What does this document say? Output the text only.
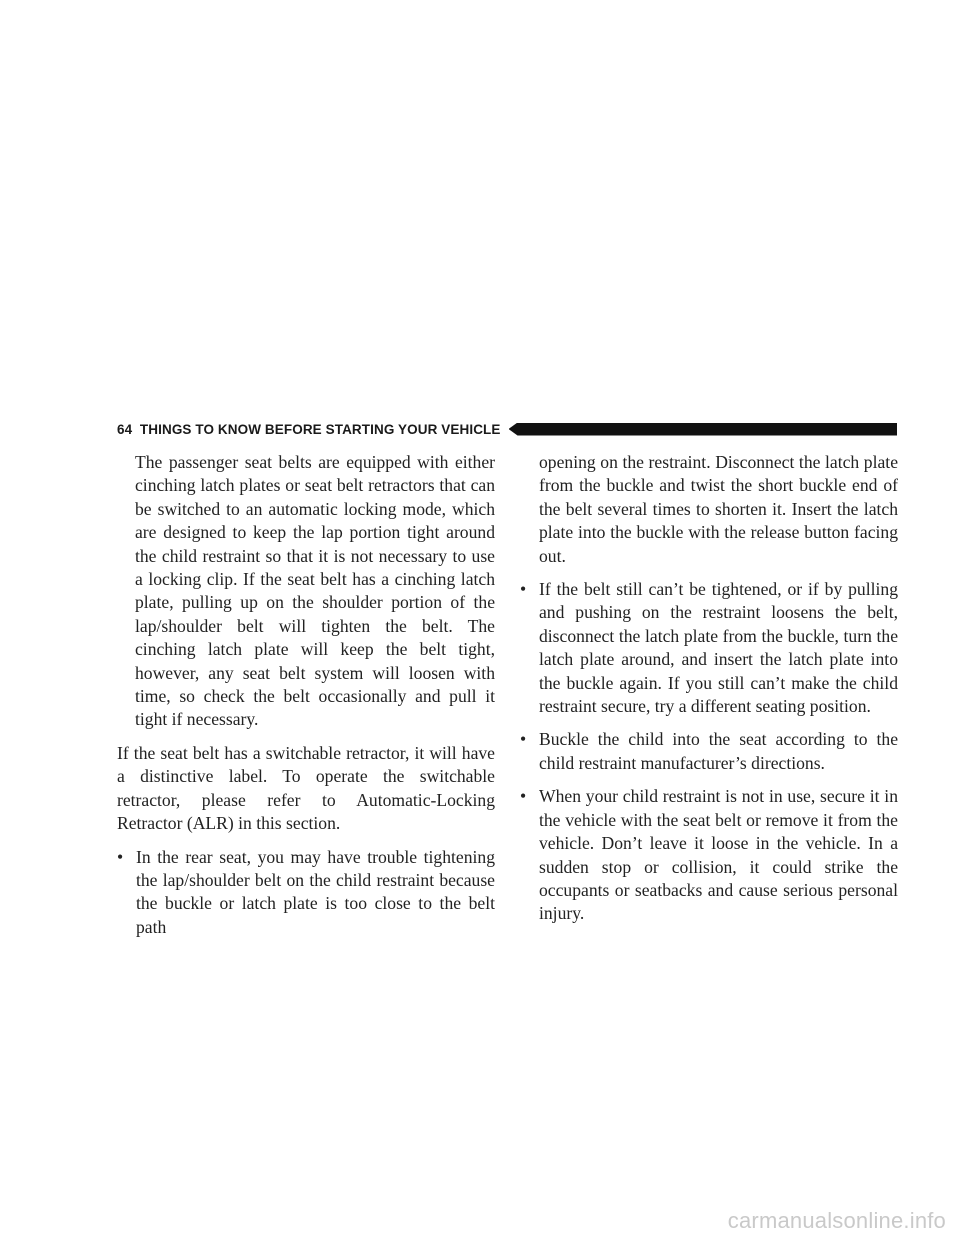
64 THINGS TO KNOW BEFORE STARTING YOUR VEHICLE

The passenger seat belts are equipped with either cinching latch plates or seat belt retractors that can be switched to an automatic locking mode, which are designed to keep the lap portion tight around the child restraint so that it is not necessary to use a locking clip. If the seat belt has a cinching latch plate, pulling up on the shoulder portion of the lap/shoulder belt will tighten the belt. The cinching latch plate will keep the belt tight, however, any seat belt system will loosen with time, so check the belt occasionally and pull it tight if necessary.

If the seat belt has a switchable retractor, it will have a distinctive label. To operate the switchable retractor, please refer to Automatic-Locking Retractor (ALR) in this section.

• In the rear seat, you may have trouble tightening the lap/shoulder belt on the child restraint because the buckle or latch plate is too close to the belt path

opening on the restraint. Disconnect the latch plate from the buckle and twist the short buckle end of the belt several times to shorten it. Insert the latch plate into the buckle with the release button facing out.

• If the belt still can’t be tightened, or if by pulling and pushing on the restraint loosens the belt, disconnect the latch plate from the buckle, turn the latch plate around, and insert the latch plate into the buckle again. If you still can’t make the child restraint secure, try a different seating position.
• Buckle the child into the seat according to the child restraint manufacturer’s directions.
• When your child restraint is not in use, secure it in the vehicle with the seat belt or remove it from the vehicle. Don’t leave it loose in the vehicle. In a sudden stop or collision, it could strike the occupants or seatbacks and cause serious personal injury.
carmanualsonline.info
